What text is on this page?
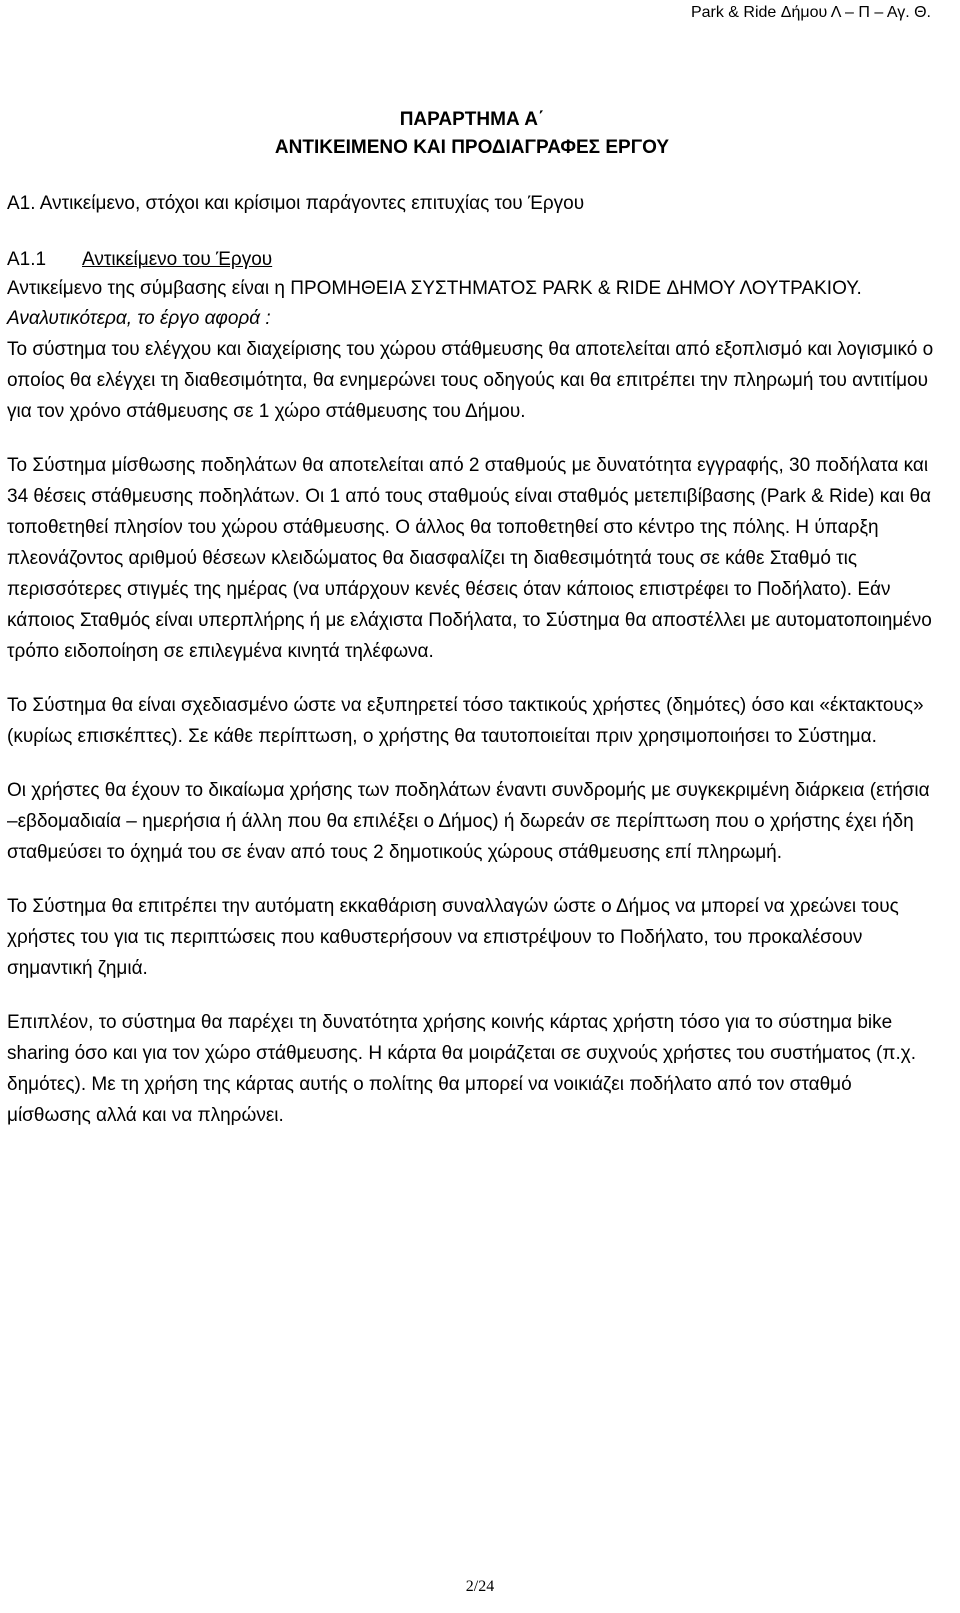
Park & Ride Δήμου Λ – Π – Αγ. Θ.

ΠΑΡΑΡΤΗΜΑ Α΄

ΑΝΤΙΚΕΙΜΕΝΟ ΚΑΙ ΠΡΟΔΙΑΓΡΑΦΕΣ ΕΡΓΟΥ

Α1. Αντικείμενο, στόχοι και κρίσιμοι παράγοντες επιτυχίας του Έργου
Α1.1 Αντικείμενο του Έργου

Αντικείμενο της σύμβασης είναι η ΠΡΟΜΗΘΕΙΑ ΣΥΣΤΗΜΑΤΟΣ PARK & RIDE ΔΗΜΟΥ ΛΟΥΤΡΑΚΙΟΥ.

Αναλυτικότερα, το έργο αφορά :

Το σύστημα του ελέγχου και διαχείρισης του χώρου στάθμευσης θα αποτελείται από εξοπλισμό και λογισμικό ο οποίος θα ελέγχει τη διαθεσιμότητα, θα ενημερώνει τους οδηγούς και θα επιτρέπει την πληρωμή του αντιτίμου για τον χρόνο στάθμευσης σε 1 χώρο στάθμευσης του Δήμου.

Το Σύστημα μίσθωσης ποδηλάτων θα αποτελείται από 2 σταθμούς με δυνατότητα εγγραφής, 30 ποδήλατα και 34 θέσεις στάθμευσης ποδηλάτων. Οι 1 από τους σταθμούς είναι σταθμός μετεπιβίβασης (Park & Ride) και θα τοποθετηθεί πλησίον του χώρου στάθμευσης. Ο άλλος θα τοποθετηθεί στο κέντρο της πόλης. Η ύπαρξη πλεονάζοντος αριθμού θέσεων κλειδώματος θα διασφαλίζει τη διαθεσιμότητά τους σε κάθε Σταθμό τις περισσότερες στιγμές της ημέρας (να υπάρχουν κενές θέσεις όταν κάποιος επιστρέφει το Ποδήλατο). Εάν κάποιος Σταθμός είναι υπερπλήρης ή με ελάχιστα Ποδήλατα, το Σύστημα θα αποστέλλει με αυτοματοποιημένο τρόπο ειδοποίηση σε επιλεγμένα κινητά τηλέφωνα.

Το Σύστημα θα είναι σχεδιασμένο ώστε να εξυπηρετεί τόσο τακτικούς χρήστες (δημότες) όσο και «έκτακτους» (κυρίως επισκέπτες). Σε κάθε περίπτωση, ο χρήστης θα ταυτοποιείται πριν χρησιμοποιήσει το Σύστημα.

Οι χρήστες θα έχουν το δικαίωμα χρήσης των ποδηλάτων έναντι συνδρομής με συγκεκριμένη διάρκεια (ετήσια –εβδομαδιαία – ημερήσια ή άλλη που θα επιλέξει ο Δήμος) ή δωρεάν σε περίπτωση που ο χρήστης έχει ήδη σταθμεύσει το όχημά του σε έναν από τους 2 δημοτικούς χώρους στάθμευσης επί πληρωμή.

Το Σύστημα θα επιτρέπει την αυτόματη εκκαθάριση συναλλαγών ώστε ο Δήμος να μπορεί να χρεώνει τους χρήστες του για τις περιπτώσεις που καθυστερήσουν να επιστρέψουν το Ποδήλατο, του προκαλέσουν σημαντική ζημιά.

Επιπλέον, το σύστημα θα παρέχει τη δυνατότητα χρήσης κοινής κάρτας χρήστη τόσο για το σύστημα bike sharing όσο και για τον χώρο στάθμευσης. Η κάρτα θα μοιράζεται σε συχνούς χρήστες του συστήματος (π.χ. δημότες). Με τη χρήση της κάρτας αυτής ο πολίτης θα μπορεί να νοικιάζει ποδήλατο από τον σταθμό μίσθωσης αλλά και να πληρώνει.

2/24
